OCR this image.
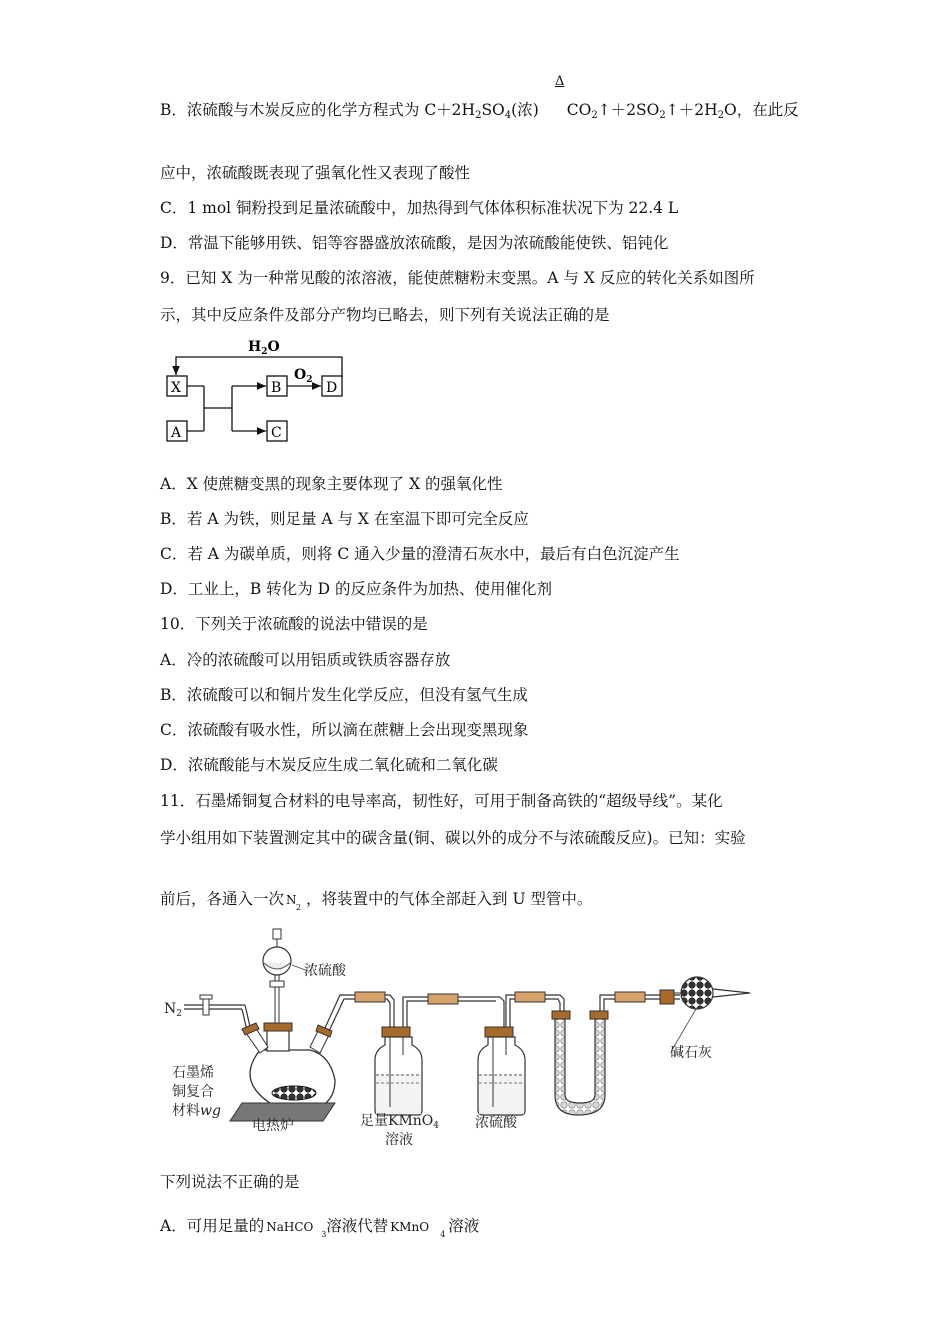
B．浓硫酸与木炭反应的化学方程式为 $C+2H_2SO_4$(浓) $CO_2↑+2SO_2↑+2H_2O$，在此反
Δ
应中，浓硫酸既表现了强氧化性又表现了酸性
C．1 mol 铜粉投到足量浓硫酸中，加热得到气体体积标准状况下为 22.4 L
D．常温下能够用铁、铝等容器盛放浓硫酸，是因为浓硫酸能使铁、铝钝化
9．已知 X 为一种常见酸的浓溶液，能使蔗糖粉末变黑。A 与 X 反应的转化关系如图所
示，其中反应条件及部分产物均已略去，则下列有关说法正确的是
$H_2O$
X
A
B	D
C
$O_2$
A．X 使蔗糖变黑的现象主要体现了 X 的强氧化性
B．若 A 为铁，则足量 A 与 X 在室温下即可完全反应
C．若 A 为碳单质，则将 C 通入少量的澄清石灰水中，最后有白色沉淀产生
D．工业上，B 转化为 D 的反应条件为加热、使用催化剂
10．下列关于浓硫酸的说法中错误的是
A．冷的浓硫酸可以用铝质或铁质容器存放
B．浓硫酸可以和铜片发生化学反应，但没有氢气生成
C．浓硫酸有吸水性，所以滴在蔗糖上会出现变黑现象
D．浓硫酸能与木炭反应生成二氧化硫和二氧化碳
11．石墨烯铜复合材料的电导率高，韧性好，可用于制备高铁的“超级导线”。某化
学小组用如下装置测定其中的碳含量(铜、碳以外的成分不与浓硫酸反应)。已知：实验
前后，各通入一次 N
2 ，将装置中的气体全部赶入到 U 型管中。
浓硫酸
$N_2$
碱石灰
石墨烯
铜复合
材料wg
电热炉	足量KMnO$_4$
溶液
浓硫酸
下列说法不正确的是
A．可用足量的 NaHCO
3 溶液代替 KMnO
4 溶液
